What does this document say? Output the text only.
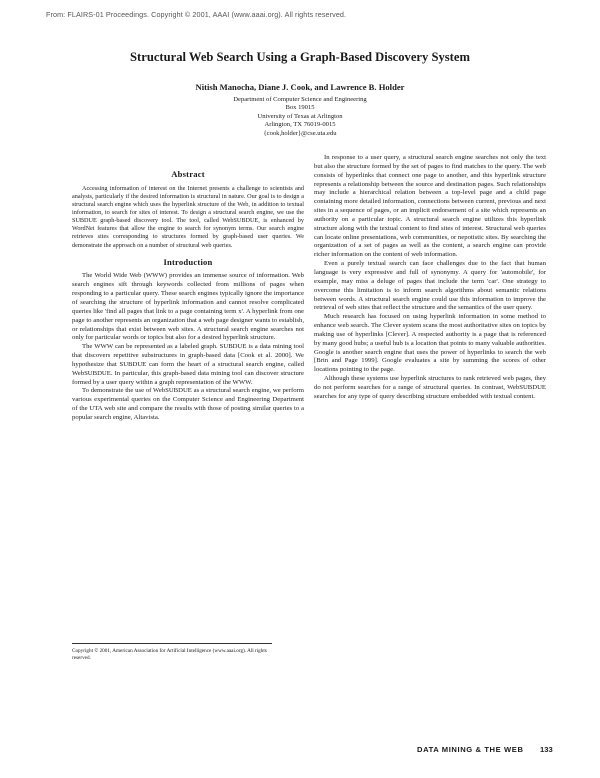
From: FLAIRS-01 Proceedings. Copyright © 2001, AAAI (www.aaai.org). All rights reserved.
Structural Web Search Using a Graph-Based Discovery System
Nitish Manocha, Diane J. Cook, and Lawrence B. Holder
Department of Computer Science and Engineering
Box 19015
University of Texas at Arlington
Arlington, TX 76019-0015
{cook,holder}@cse.uta.edu
Abstract

Accessing information of interest on the Internet presents a challenge to scientists and analysts, particularly if the desired information is structural in nature. Our goal is to design a structural search engine which uses the hyperlink structure of the Web, in addition to textual information, to search for sites of interest. To design a structural search engine, we use the SUBDUE graph-based discovery tool. The tool, called WebSUBDUE, is enhanced by WordNet features that allow the engine to search for synonym terms. Our search engine retrieves sites corresponding to structures formed by graph-based user queries. We demonstrate the approach on a number of structural web queries.

Introduction

The World Wide Web (WWW) provides an immense source of information. Web search engines sift through keywords collected from millions of pages when responding to a particular query. These search engines typically ignore the importance of searching the structure of hyperlink information and cannot resolve complicated queries like 'find all pages that link to a page containing term x'. A hyperlink from one page to another represents an organization that a web page designer wants to establish, or relationships that exist between web sites. A structural search engine searches not only for particular words or topics but also for a desired hyperlink structure.

The WWW can be represented as a labeled graph. SUBDUE is a data mining tool that discovers repetitive substructures in graph-based data [Cook et al. 2000]. We hypothesize that SUBDUE can form the heart of a structural search engine, called WebSUBDUE. In particular, this graph-based data mining tool can discover structure formed by a user query within a graph representation of the WWW.

To demonstrate the use of WebSUBDUE as a structural search engine, we perform various experimental queries on the Computer Science and Engineering Department of the UTA web site and compare the results with those of posting similar queries to a popular search engine, Altavista.

In response to a user query, a structural search engine searches not only the text but also the structure formed by the set of pages to find matches to the query. The web consists of hyperlinks that connect one page to another, and this hyperlink structure represents a relationship between the source and destination pages. Such relationships may include a hierarchical relation between a top-level page and a child page containing more detailed information, connections between current, previous and next sites in a sequence of pages, or an implicit endorsement of a site which represents an authority on a particular topic. A structural search engine utilizes this hyperlink structure along with the textual content to find sites of interest. Structural web queries can locate online presentations, web communities, or nepotistic sites. By searching the organization of a set of pages as well as the content, a search engine can provide richer information on the content of web information.

Even a purely textual search can face challenges due to the fact that human language is very expressive and full of synonymy. A query for 'automobile', for example, may miss a deluge of pages that include the term 'car'. One strategy to overcome this limitation is to inform search algorithms about semantic relations between words. A structural search engine could use this information to improve the retrieval of web sites that reflect the structure and the semantics of the user query.

Much research has focused on using hyperlink information in some method to enhance web search. The Clever system scans the most authoritative sites on topics by making use of hyperlinks [Clever]. A respected authority is a page that is referenced by many good hubs; a useful hub is a location that points to many valuable authorities. Google is another search engine that uses the power of hyperlinks to search the web [Brin and Page 1999]. Google evaluates a site by summing the scores of other locations pointing to the page.

Although these systems use hyperlink structures to rank retrieved web pages, they do not perform searches for a range of structural queries. In contrast, WebSUBDUE searches for any type of query describing structure embedded with textual content.

Copyright © 2001, American Association for Artificial Intelligence (www.aaai.org). All rights reserved.
DATA MINING & THE WEB 133
